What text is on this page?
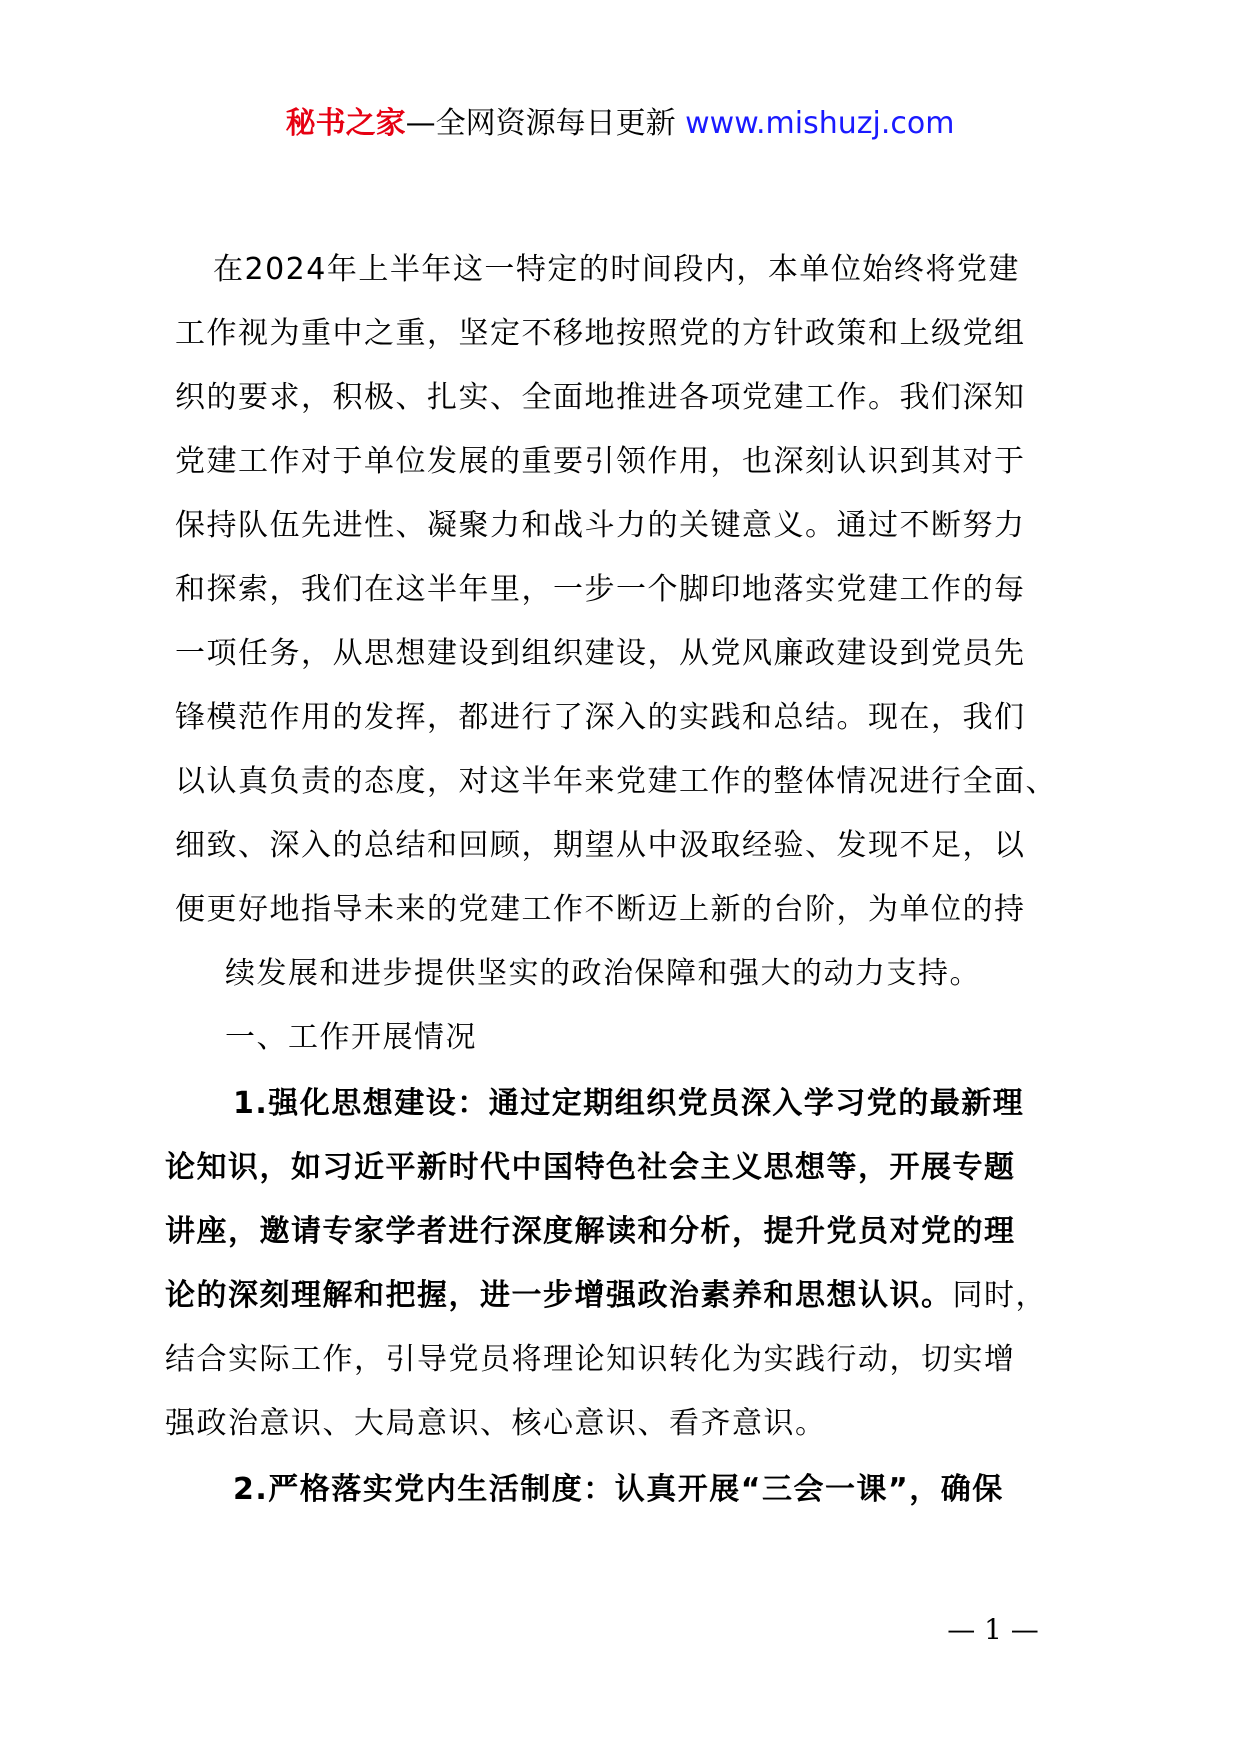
秘书之家—全网资源每日更新 www.mishuzj.com
在2024年上半年这一特定的时间段内，本单位始终将党建
工作视为重中之重，坚定不移地按照党的方针政策和上级党组
织的要求，积极、扎实、全面地推进各项党建工作。我们深知
党建工作对于单位发展的重要引领作用，也深刻认识到其对于
保持队伍先进性、凝聚力和战斗力的关键意义。通过不断努力
和探索，我们在这半年里，一步一个脚印地落实党建工作的每
一项任务，从思想建设到组织建设，从党风廉政建设到党员先
锋模范作用的发挥，都进行了深入的实践和总结。现在，我们
以认真负责的态度，对这半年来党建工作的整体情况进行全面、
细致、深入的总结和回顾，期望从中汲取经验、发现不足，以
便更好地指导未来的党建工作不断迈上新的台阶，为单位的持
续发展和进步提供坚实的政治保障和强大的动力支持。
一、工作开展情况
1.强化思想建设：通过定期组织党员深入学习党的最新理
论知识，如习近平新时代中国特色社会主义思想等，开展专题
讲座，邀请专家学者进行深度解读和分析，提升党员对党的理
论的深刻理解和把握，进一步增强政治素养和思想认识。同时，
结合实际工作，引导党员将理论知识转化为实践行动，切实增
强政治意识、大局意识、核心意识、看齐意识。
2.严格落实党内生活制度：认真开展“三会一课”，确保
— 1 —
